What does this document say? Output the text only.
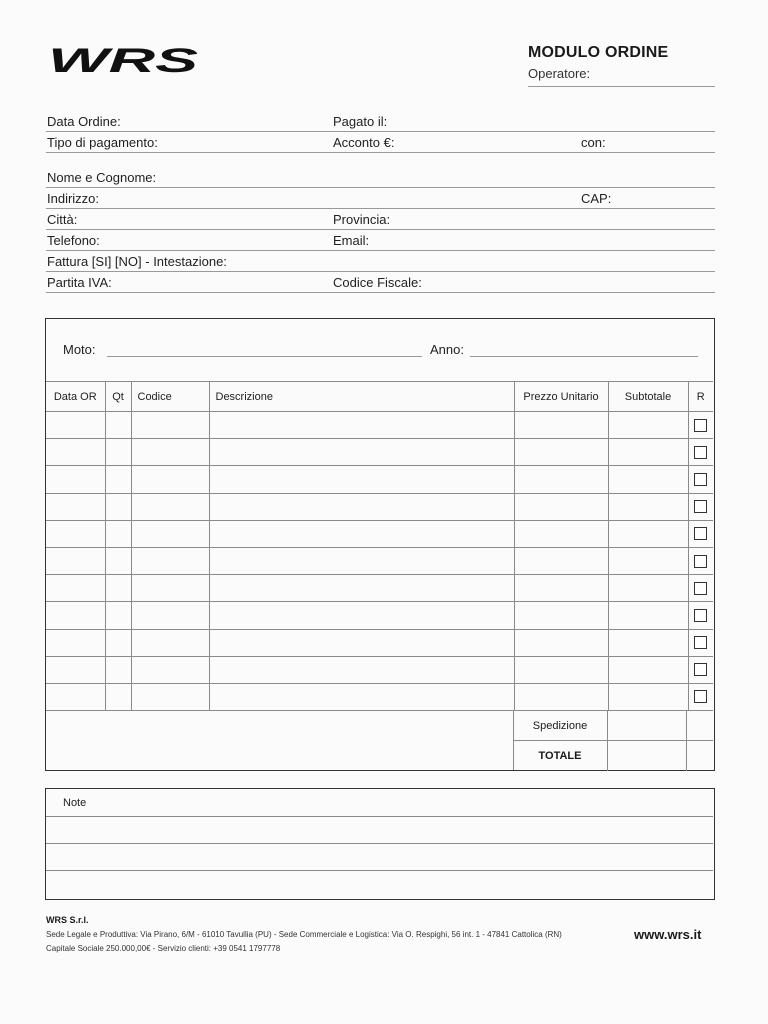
WRS	MODULO ORDINE
Operatore:
Data Ordine:	Pagato il:
Tipo di pagamento:	Acconto €:	con:
Nome e Cognome:
Indirizzo:	CAP:
Città:	Provincia:
Telefono:	Email:
Fattura [SI] [NO] - Intestazione:
Partita IVA:	Codice Fiscale:
Moto:	Anno:
Data OR	Qt	Codice	Descrizione	Prezzo Unitario	Subtotale	R

Spedizione
TOTALE
Note
WRS S.r.l.
Sede Legale e Produttiva: Via Pirano, 6/M - 61010 Tavullia (PU) - Sede Commerciale e Logistica: Via O. Respighi, 56 int. 1 - 47841 Cattolica (RN)
Capitale Sociale 250.000,00€ - Servizio clienti: +39 0541 1797778
www.wrs.it
